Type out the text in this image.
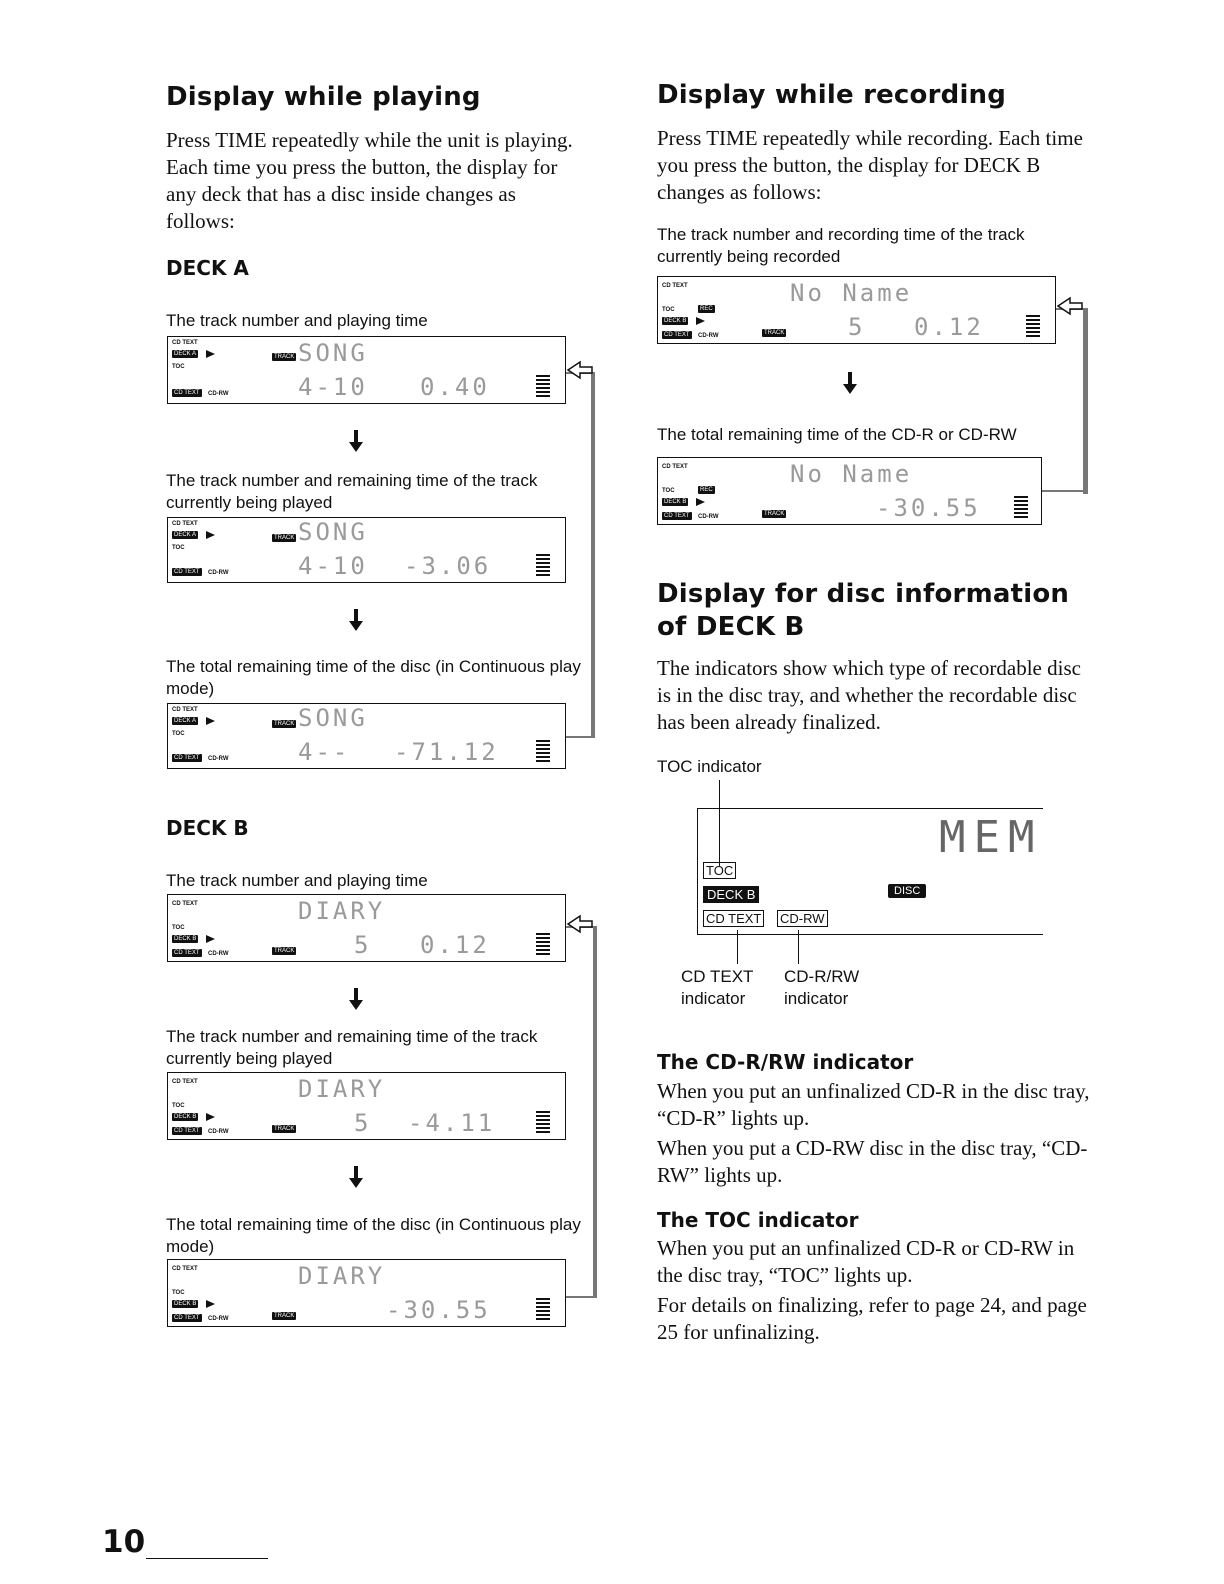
Display while playing

Press TIME repeatedly while the unit is playing. Each time you press the button, the display for any deck that has a disc inside changes as follows:

DECK A

The track number and playing time

CD TEXT
DECK A
TOC
CD TEXT	CD-RW
TRACK SONG
4-10 0.40

The track number and remaining time of the track currently being played

CD TEXT
DECK A
TOC
CD TEXT	CD-RW
TRACK SONG
4-10 -3.06

The total remaining time of the disc (in Continuous play mode)

CD TEXT
DECK A
TOC
CD TEXT	CD-RW
TRACK SONG
4-- -71.12
DECK B

The track number and playing time

CD TEXT
TOC
DECK B
CD TEXT	CD-RW	TRACK
DIARY
5 0.12

The track number and remaining time of the track currently being played

CD TEXT
TOC
DECK B
CD TEXT	CD-RW	TRACK
DIARY
5 -4.11

The total remaining time of the disc (in Continuous play mode)

CD TEXT
TOC
DECK B
CD TEXT	CD-RW	TRACK
DIARY
-30.55
Display while recording

Press TIME repeatedly while recording. Each time you press the button, the display for DECK B changes as follows:

The track number and recording time of the track currently being recorded

CD TEXT
TOC	REC
DECK B
CD TEXT	CD-RW	TRACK
No Name
5 0.12

The total remaining time of the CD-R or CD-RW

CD TEXT
TOC	REC
DECK B
CD TEXT	CD-RW	TRACK
No Name
-30.55
Display for disc information of DECK B

The indicators show which type of recordable disc is in the disc tray, and whether the recordable disc has been already finalized.

TOC indicator

MEM
TOC
DECK B	DISC
CD TEXT CD-RW

CD TEXT

indicator

CD-R/RW

indicator

The CD-R/RW indicator

When you put an unfinalized CD-R in the disc tray, “CD-R” lights up.

When you put a CD-RW disc in the disc tray, “CD-RW” lights up.

The TOC indicator

When you put an unfinalized CD-R or CD-RW in the disc tray, “TOC” lights up.

For details on finalizing, refer to page 24, and page 25 for unfinalizing.

10
